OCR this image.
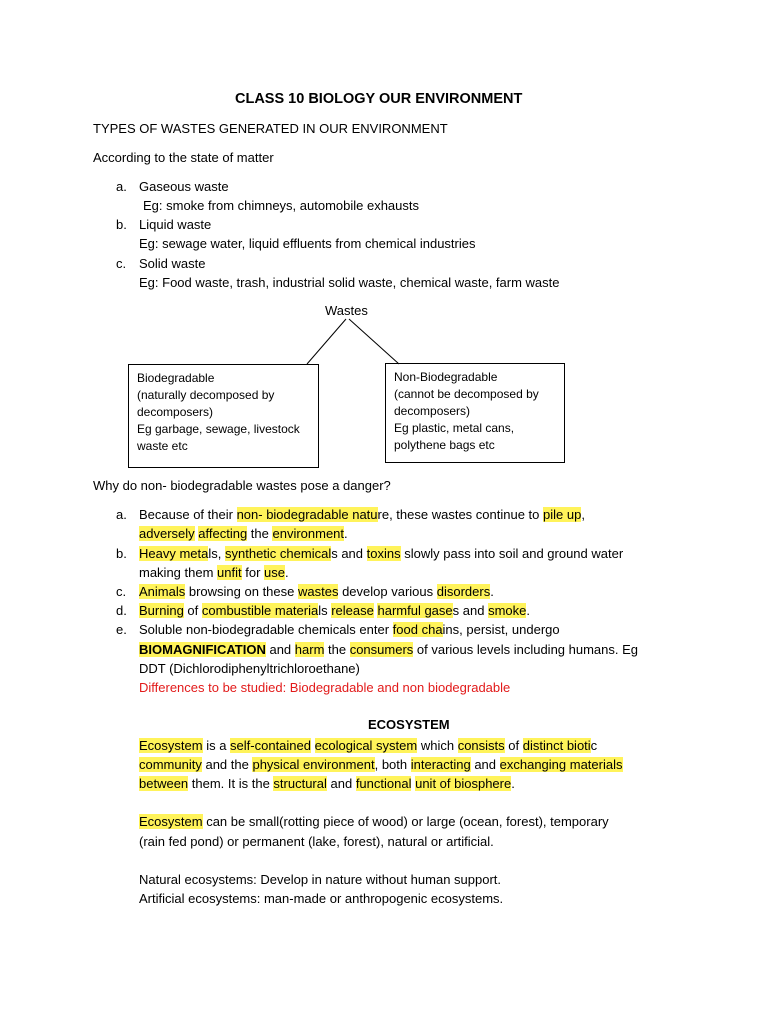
CLASS 10 BIOLOGY OUR ENVIRONMENT
TYPES OF WASTES GENERATED IN OUR ENVIRONMENT
According to the state of matter
a. Gaseous waste
Eg: smoke from chimneys, automobile exhausts
b. Liquid waste
Eg: sewage water, liquid effluents from chemical industries
c. Solid waste
Eg: Food waste, trash, industrial solid waste, chemical waste, farm waste
Wastes
Biodegradable
(naturally decomposed by
decomposers)
Eg garbage, sewage, livestock
waste etc
Non-Biodegradable
(cannot be decomposed by
decomposers)
Eg plastic, metal cans,
polythene bags etc
Why do non- biodegradable wastes pose a danger?
a. Because of their non- biodegradable nature, these wastes continue to pile up,
adversely affecting the environment.
b. Heavy metals, synthetic chemicals and toxins slowly pass into soil and ground water
making them unfit for use.
c. Animals browsing on these wastes develop various disorders.
d. Burning of combustible materials release harmful gases and smoke.
e. Soluble non-biodegradable chemicals enter food chains, persist, undergo
BIOMAGNIFICATION and harm the consumers of various levels including humans. Eg
DDT (Dichlorodiphenyltrichloroethane)
Differences to be studied: Biodegradable and non biodegradable
ECOSYSTEM
Ecosystem is a self-contained ecological system which consists of distinct biotic
community and the physical environment, both interacting and exchanging materials
between them. It is the structural and functional unit of biosphere.
Ecosystem can be small(rotting piece of wood) or large (ocean, forest), temporary
(rain fed pond) or permanent (lake, forest), natural or artificial.
Natural ecosystems: Develop in nature without human support.
Artificial ecosystems: man-made or anthropogenic ecosystems.
